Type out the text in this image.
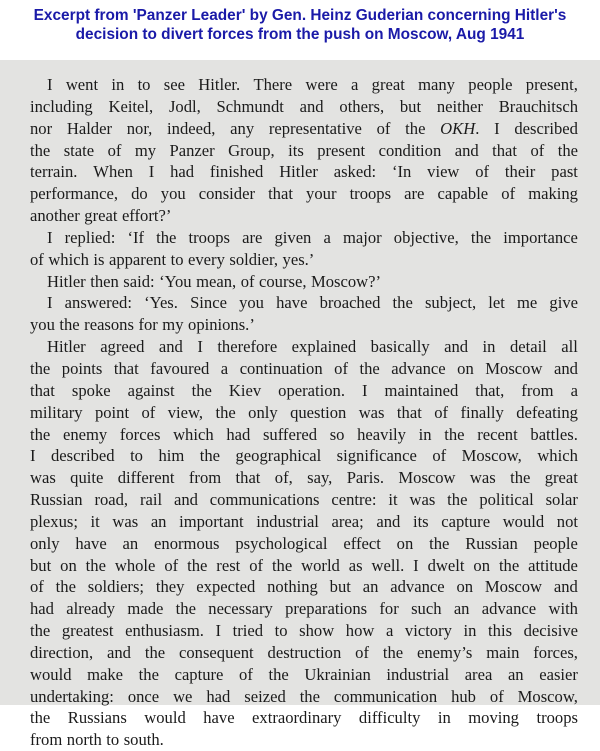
Excerpt from 'Panzer Leader' by Gen. Heinz Guderian concerning Hitler's
decision to divert forces from the push on Moscow, Aug 1941
I went in to see Hitler. There were a great many people present,
including Keitel, Jodl, Schmundt and others, but neither Brauchitsch
nor Halder nor, indeed, any representative of the OKH. I described
the state of my Panzer Group, its present condition and that of the
terrain. When I had finished Hitler asked: ‘In view of their past
performance, do you consider that your troops are capable of making
another great effort?’
I replied: ‘If the troops are given a major objective, the importance
of which is apparent to every soldier, yes.’
Hitler then said: ‘You mean, of course, Moscow?’
I answered: ‘Yes. Since you have broached the subject, let me give
you the reasons for my opinions.’
Hitler agreed and I therefore explained basically and in detail all
the points that favoured a continuation of the advance on Moscow and
that spoke against the Kiev operation. I maintained that, from a
military point of view, the only question was that of finally defeating
the enemy forces which had suffered so heavily in the recent battles.
I described to him the geographical significance of Moscow, which
was quite different from that of, say, Paris. Moscow was the great
Russian road, rail and communications centre: it was the political solar
plexus; it was an important industrial area; and its capture would not
only have an enormous psychological effect on the Russian people
but on the whole of the rest of the world as well. I dwelt on the attitude
of the soldiers; they expected nothing but an advance on Moscow and
had already made the necessary preparations for such an advance with
the greatest enthusiasm. I tried to show how a victory in this decisive
direction, and the consequent destruction of the enemy’s main forces,
would make the capture of the Ukrainian industrial area an easier
undertaking: once we had seized the communication hub of Moscow,
the Russians would have extraordinary difficulty in moving troops
from north to south.
